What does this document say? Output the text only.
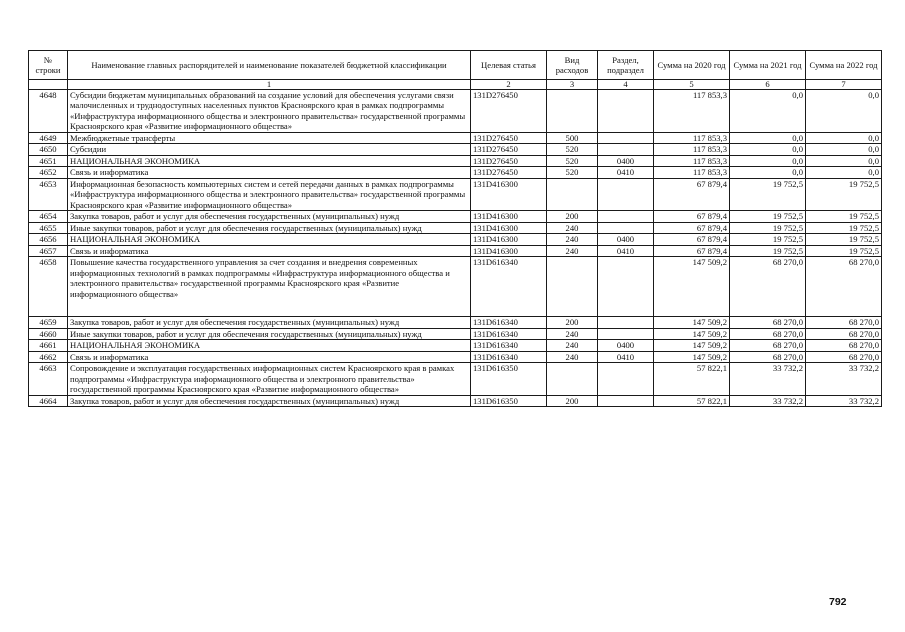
№ строки	Наименование главных распорядителей и наименование показателей бюджетной классификации	Целевая статья	Вид расходов	Раздел, подраздел	Сумма на 2020 год	Сумма на 2021 год	Сумма на 2022 год
	1	2	3	4	5	6	7
4648	Субсидии бюджетам муниципальных образований на создание условий для обеспечения услугами связи малочисленных и труднодоступных населенных пунктов Красноярского края в рамках подпрограммы «Инфраструктура информационного общества и электронного правительства» государственной программы Красноярского края «Развитие информационного общества»	131D276450			117 853,3	0,0	0,0
4649	Межбюджетные трансферты	131D276450	500		117 853,3	0,0	0,0
4650	Субсидии	131D276450	520		117 853,3	0,0	0,0
4651	НАЦИОНАЛЬНАЯ ЭКОНОМИКА	131D276450	520	0400	117 853,3	0,0	0,0
4652	Связь и информатика	131D276450	520	0410	117 853,3	0,0	0,0
4653	Информационная безопасность компьютерных систем и сетей передачи данных в рамках подпрограммы «Инфраструктура информационного общества и электронного правительства» государственной программы Красноярского края «Развитие информационного общества»	131D416300			67 879,4	19 752,5	19 752,5
4654	Закупка товаров, работ и услуг для обеспечения государственных (муниципальных) нужд	131D416300	200		67 879,4	19 752,5	19 752,5
4655	Иные закупки товаров, работ и услуг для обеспечения государственных (муниципальных) нужд	131D416300	240		67 879,4	19 752,5	19 752,5
4656	НАЦИОНАЛЬНАЯ ЭКОНОМИКА	131D416300	240	0400	67 879,4	19 752,5	19 752,5
4657	Связь и информатика	131D416300	240	0410	67 879,4	19 752,5	19 752,5
4658	Повышение качества государственного управления за счет создания и внедрения современных информационных технологий в рамках подпрограммы «Инфраструктура информационного общества и электронного правительства» государственной программы Красноярского края «Развитие информационного общества»	131D616340			147 509,2	68 270,0	68 270,0
4659	Закупка товаров, работ и услуг для обеспечения государственных (муниципальных) нужд	131D616340	200		147 509,2	68 270,0	68 270,0
4660	Иные закупки товаров, работ и услуг для обеспечения государственных (муниципальных) нужд	131D616340	240		147 509,2	68 270,0	68 270,0
4661	НАЦИОНАЛЬНАЯ ЭКОНОМИКА	131D616340	240	0400	147 509,2	68 270,0	68 270,0
4662	Связь и информатика	131D616340	240	0410	147 509,2	68 270,0	68 270,0
4663	Сопровождение и эксплуатация государственных информационных систем Красноярского края в рамках подпрограммы «Инфраструктура информационного общества и электронного правительства» государственной программы Красноярского края «Развитие информационного общества»	131D616350			57 822,1	33 732,2	33 732,2
4664	Закупка товаров, работ и услуг для обеспечения государственных (муниципальных) нужд	131D616350	200		57 822,1	33 732,2	33 732,2
792
